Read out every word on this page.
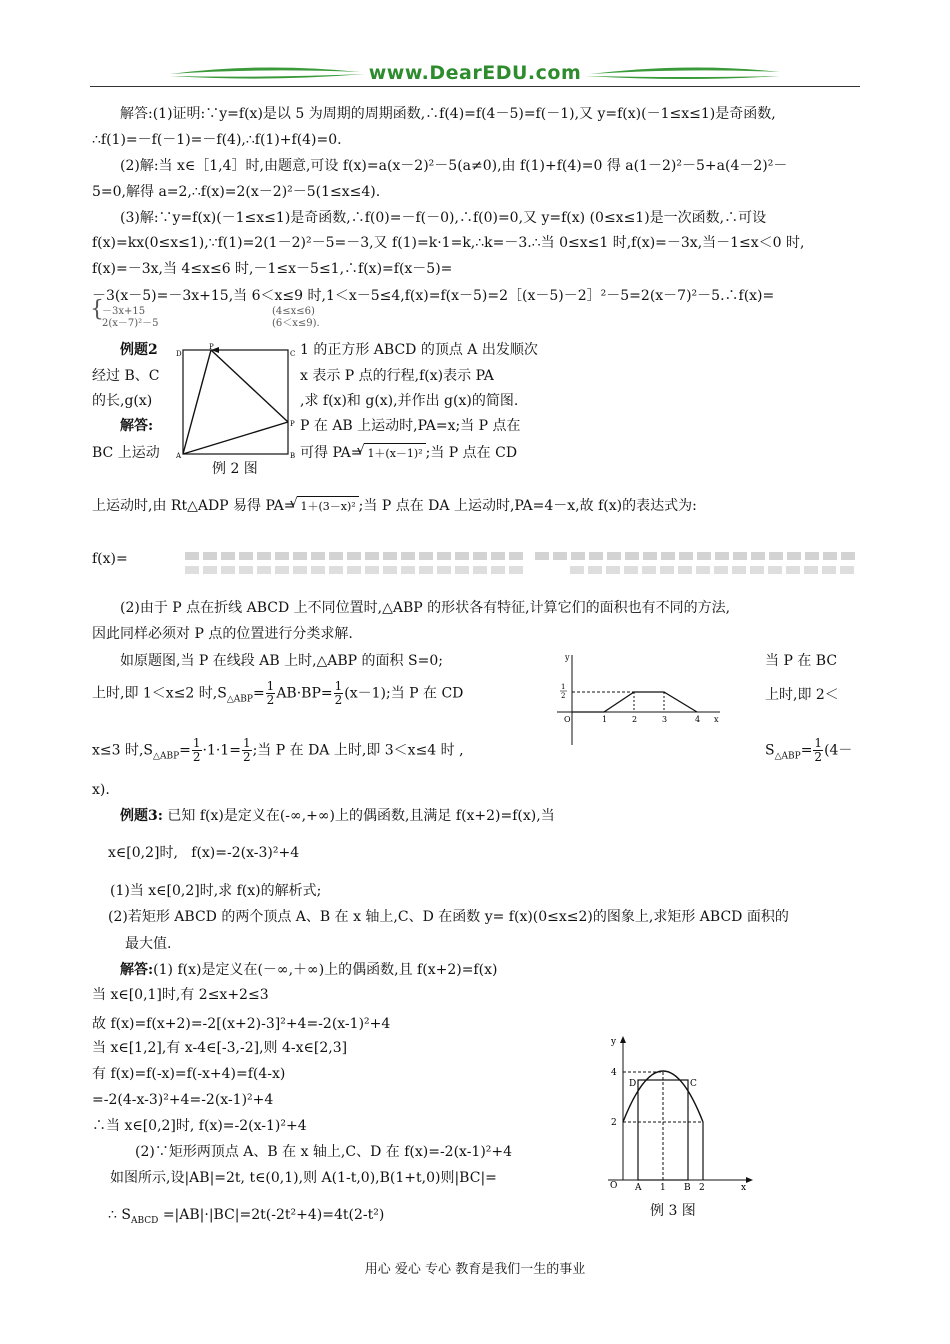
www.DearEDU.com
解答:(1)证明:∵y=f(x)是以 5 为周期的周期函数,∴f(4)=f(4－5)=f(－1),又 y=f(x)(－1≤x≤1)是奇函数,
∴f(1)=－f(－1)=－f(4),∴f(1)+f(4)=0.
(2)解:当 x∈［1,4］时,由题意,可设 f(x)=a(x－2)²－5(a≠0),由 f(1)+f(4)=0 得 a(1－2)²－5+a(4－2)²－
5=0,解得 a=2,∴f(x)=2(x－2)²－5(1≤x≤4).
(3)解:∵y=f(x)(－1≤x≤1)是奇函数,∴f(0)=－f(－0),∴f(0)=0,又 y=f(x) (0≤x≤1)是一次函数,∴可设
f(x)=kx(0≤x≤1),∵f(1)=2(1－2)²－5=－3,又 f(1)=k·1=k,∴k=－3.∴当 0≤x≤1 时,f(x)=－3x,当－1≤x＜0 时,
f(x)=－3x,当 4≤x≤6 时,－1≤x－5≤1,∴f(x)=f(x－5)=
－3(x－5)=－3x+15,当 6＜x≤9 时,1＜x－5≤4,f(x)=f(x－5)=2［(x－5)－2］²－5=2(x－7)²－5.∴f(x)=
{
－3x+15	(4≤x≤6)
2(x－7)²－5	(6＜x≤9).
D	C
A	B
P
P
例题2	1 的正方形 ABCD 的顶点 A 出发顺次
经过 B、C	x 表示 P 点的行程,f(x)表示 PA
的长,g(x)	,求 f(x)和 g(x),并作出 g(x)的简图.
解答:	P 在 AB 上运动时,PA=x;当 P 点在
BC 上运动	可得 PA= √ 1＋(x－1)² ;当 P 点在 CD
例 2 图
上运动时,由 Rt△ADP 易得 PA= √ 1＋(3－x)² ;当 P 点在 DA 上运动时,PA=4－x,故 f(x)的表达式为:
f(x)=
(2)由于 P 点在折线 ABCD 上不同位置时,△ABP 的形状各有特征,计算它们的面积也有不同的方法,
因此同样必须对 P 点的位置进行分类求解.
如原题图,当 P 在线段 AB 上时,△ABP 的面积 S=0;	当 P 在 BC
上时,即 1＜x≤2 时$,S_{\triangle ABP}= \frac{1}{2} AB\cdot BP= \frac{1}{2} (x-1)$;当 P 在 CD	上时,即 2＜
y
x
O	1	2	3	4
1
2
x≤3 时$,S_{\triangle ABP}= \frac{1}{2} \cdot 1\cdot 1= \frac{1}{2}$ ;当 P 在 DA 上时,即 3＜x≤4 时 ,	$S_{\triangle ABP}= \frac{1}{2} (4-$
x).
例题3: 已知 f(x)是定义在(-∞,+∞)上的偶函数,且满足 f(x+2)=f(x),当
x∈[0,2]时, f(x)=-2(x-3)²+4
(1)当 x∈[0,2]时,求 f(x)的解析式;
(2)若矩形 ABCD 的两个顶点 A、B 在 x 轴上,C、D 在函数 y= f(x)(0≤x≤2)的图象上,求矩形 ABCD 面积的
最大值.
解答:(1) f(x)是定义在(－∞,＋∞)上的偶函数,且 f(x+2)=f(x)
当 x∈[0,1]时,有 2≤x+2≤3
故 f(x)=f(x+2)=-2[(x+2)-3]²+4=-2(x-1)²+4
当 x∈[1,2],有 x-4∈[-3,-2],则 4-x∈[2,3]
有 f(x)=f(-x)=f(-x+4)=f(4-x)
=-2(4-x-3)²+4=-2(x-1)²+4
∴当 x∈[0,2]时, f(x)=-2(x-1)²+4
(2)∵矩形两顶点 A、B 在 x 轴上,C、D 在 f(x)=-2(x-1)²+4
如图所示,设|AB|=2t, t∈(0,1),则 A(1-t,0),B(1+t,0)则|BC|=
∴ $S_{ABCD} =|AB|\cdot|BC|=2t(-2t^2+4)=4t(2-t^2)$
y
x
O
4
2
A 1 B 2
D	C
例 3 图
用心 爱心 专心 教育是我们一生的事业
